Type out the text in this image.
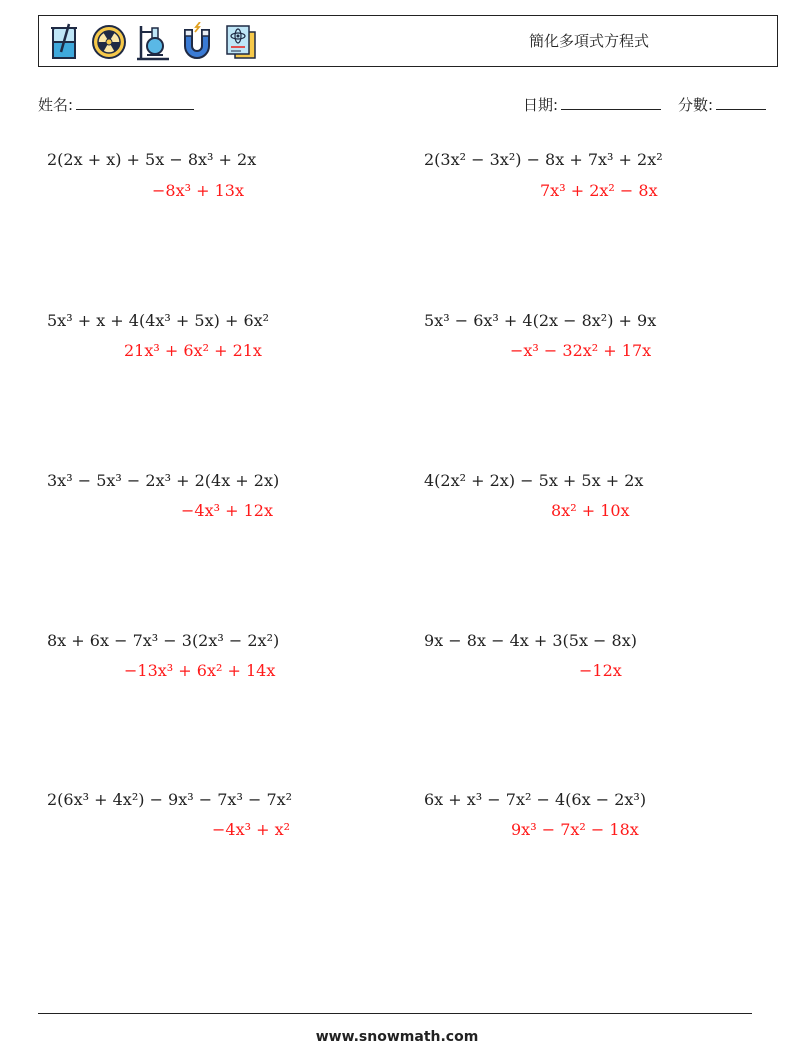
簡化多項式方程式
姓名:	日期:	分數:
2(2x + x) + 5x − 8x³ + 2x
−8x³ + 13x
2(3x² − 3x²) − 8x + 7x³ + 2x²
7x³ + 2x² − 8x
5x³ + x + 4(4x³ + 5x) + 6x²
21x³ + 6x² + 21x
5x³ − 6x³ + 4(2x − 8x²) + 9x
−x³ − 32x² + 17x
3x³ − 5x³ − 2x³ + 2(4x + 2x)
−4x³ + 12x
4(2x² + 2x) − 5x + 5x + 2x
8x² + 10x
8x + 6x − 7x³ − 3(2x³ − 2x²)
−13x³ + 6x² + 14x
9x − 8x − 4x + 3(5x − 8x)
−12x
2(6x³ + 4x²) − 9x³ − 7x³ − 7x²
−4x³ + x²
6x + x³ − 7x² − 4(6x − 2x³)
9x³ − 7x² − 18x
www.snowmath.com
